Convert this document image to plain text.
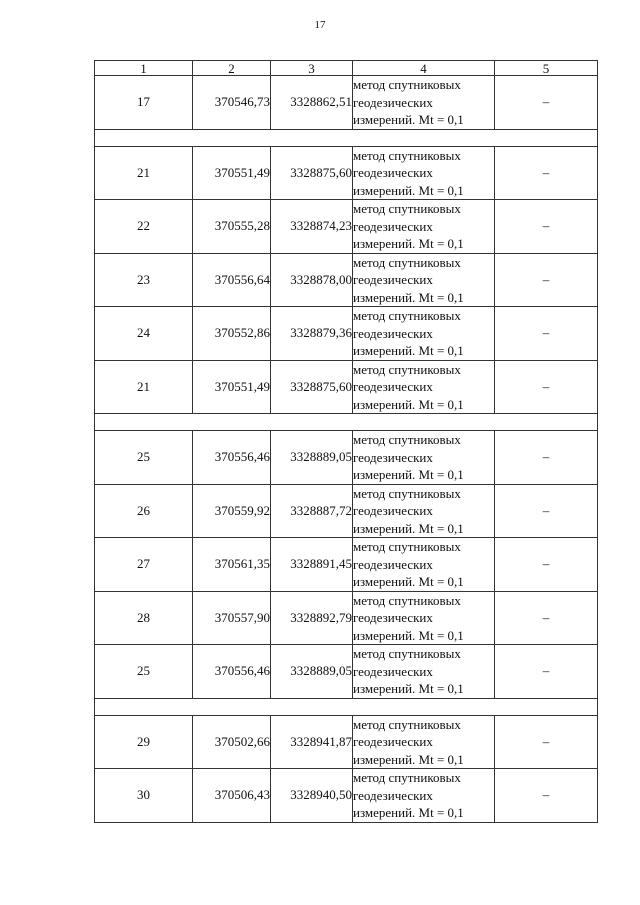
17
1	2	3	4	5
17	370546,73	3328862,51	метод спутниковых
геодезических
измерений. Mt = 0,1	–

21	370551,49	3328875,60	метод спутниковых
геодезических
измерений. Mt = 0,1	–
22	370555,28	3328874,23	метод спутниковых
геодезических
измерений. Mt = 0,1	–
23	370556,64	3328878,00	метод спутниковых
геодезических
измерений. Mt = 0,1	–
24	370552,86	3328879,36	метод спутниковых
геодезических
измерений. Mt = 0,1	–
21	370551,49	3328875,60	метод спутниковых
геодезических
измерений. Mt = 0,1	–

25	370556,46	3328889,05	метод спутниковых
геодезических
измерений. Mt = 0,1	–
26	370559,92	3328887,72	метод спутниковых
геодезических
измерений. Mt = 0,1	–
27	370561,35	3328891,45	метод спутниковых
геодезических
измерений. Mt = 0,1	–
28	370557,90	3328892,79	метод спутниковых
геодезических
измерений. Mt = 0,1	–
25	370556,46	3328889,05	метод спутниковых
геодезических
измерений. Mt = 0,1	–

29	370502,66	3328941,87	метод спутниковых
геодезических
измерений. Mt = 0,1	–
30	370506,43	3328940,50	метод спутниковых
геодезических
измерений. Mt = 0,1	–
